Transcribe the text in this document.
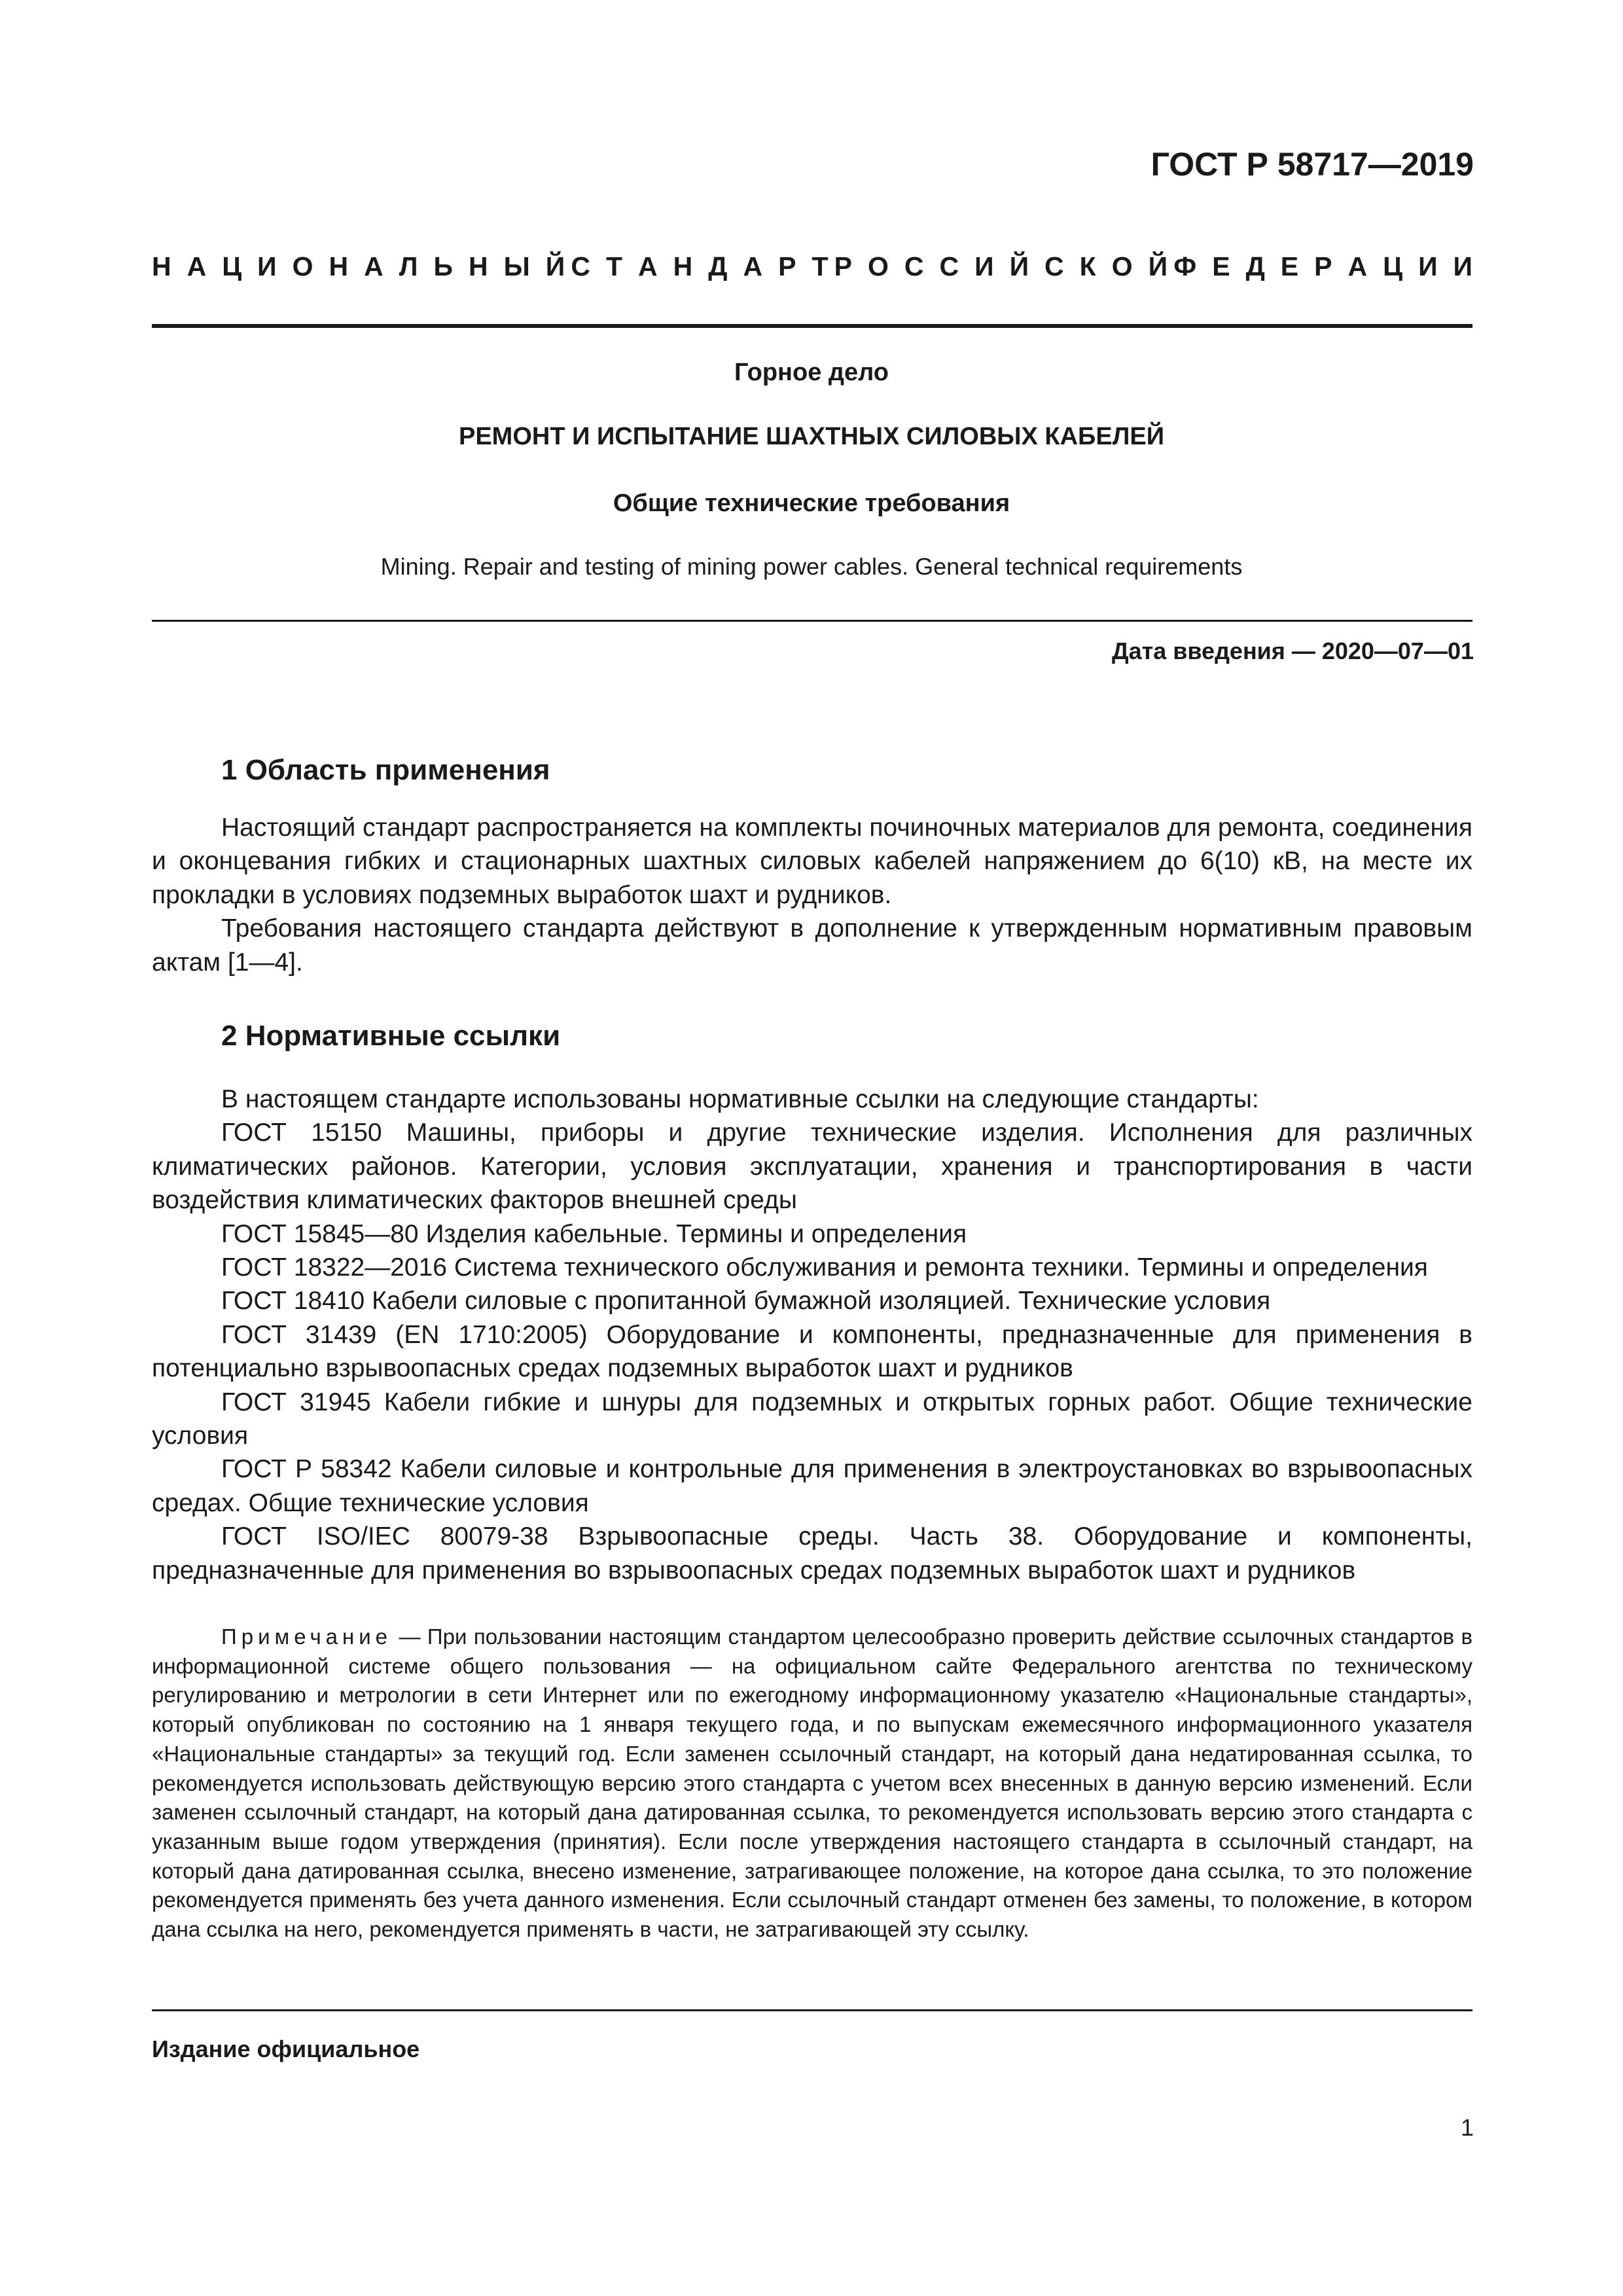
ГОСТ Р 58717—2019
Н А Ц И О Н А Л Ь Н Ы Й С Т А Н Д А Р Т Р О С С И Й С К О Й Ф Е Д Е Р А Ц И И
Горное дело
РЕМОНТ И ИСПЫТАНИЕ ШАХТНЫХ СИЛОВЫХ КАБЕЛЕЙ
Общие технические требования
Mining. Repair and testing of mining power cables. General technical requirements
Дата введения — 2020—07—01
1 Область применения

Настоящий стандарт распространяется на комплекты починочных материалов для ремонта, соединения и оконцевания гибких и стационарных шахтных силовых кабелей напряжением до 6(10) кВ, на месте их прокладки в условиях подземных выработок шахт и рудников.

Требования настоящего стандарта действуют в дополнение к утвержденным нормативным правовым актам [1—4].

2 Нормативные ссылки

В настоящем стандарте использованы нормативные ссылки на следующие стандарты:

ГОСТ 15150 Машины, приборы и другие технические изделия. Исполнения для различных климатических районов. Категории, условия эксплуатации, хранения и транспортирования в части воздействия климатических факторов внешней среды

ГОСТ 15845—80 Изделия кабельные. Термины и определения

ГОСТ 18322—2016 Система технического обслуживания и ремонта техники. Термины и определения

ГОСТ 18410 Кабели силовые с пропитанной бумажной изоляцией. Технические условия

ГОСТ 31439 (EN 1710:2005) Оборудование и компоненты, предназначенные для применения в потенциально взрывоопасных средах подземных выработок шахт и рудников

ГОСТ 31945 Кабели гибкие и шнуры для подземных и открытых горных работ. Общие технические условия

ГОСТ Р 58342 Кабели силовые и контрольные для применения в электроустановках во взрывоопасных средах. Общие технические условия

ГОСТ ISO/IEC 80079-38 Взрывоопасные среды. Часть 38. Оборудование и компоненты, предназначенные для применения во взрывоопасных средах подземных выработок шахт и рудников

Примечание — При пользовании настоящим стандартом целесообразно проверить действие ссылочных стандартов в информационной системе общего пользования — на официальном сайте Федерального агентства по техническому регулированию и метрологии в сети Интернет или по ежегодному информационному указателю «Национальные стандарты», который опубликован по состоянию на 1 января текущего года, и по выпускам ежемесячного информационного указателя «Национальные стандарты» за текущий год. Если заменен ссылочный стандарт, на который дана недатированная ссылка, то рекомендуется использовать действующую версию этого стандарта с учетом всех внесенных в данную версию изменений. Если заменен ссылочный стандарт, на который дана датированная ссылка, то рекомендуется использовать версию этого стандарта с указанным выше годом утверждения (принятия). Если после утверждения настоящего стандарта в ссылочный стандарт, на который дана датированная ссылка, внесено изменение, затрагивающее положение, на которое дана ссылка, то это положение рекомендуется применять без учета данного изменения. Если ссылочный стандарт отменен без замены, то положение, в котором дана ссылка на него, рекомендуется применять в части, не затрагивающей эту ссылку.

Издание официальное
1
